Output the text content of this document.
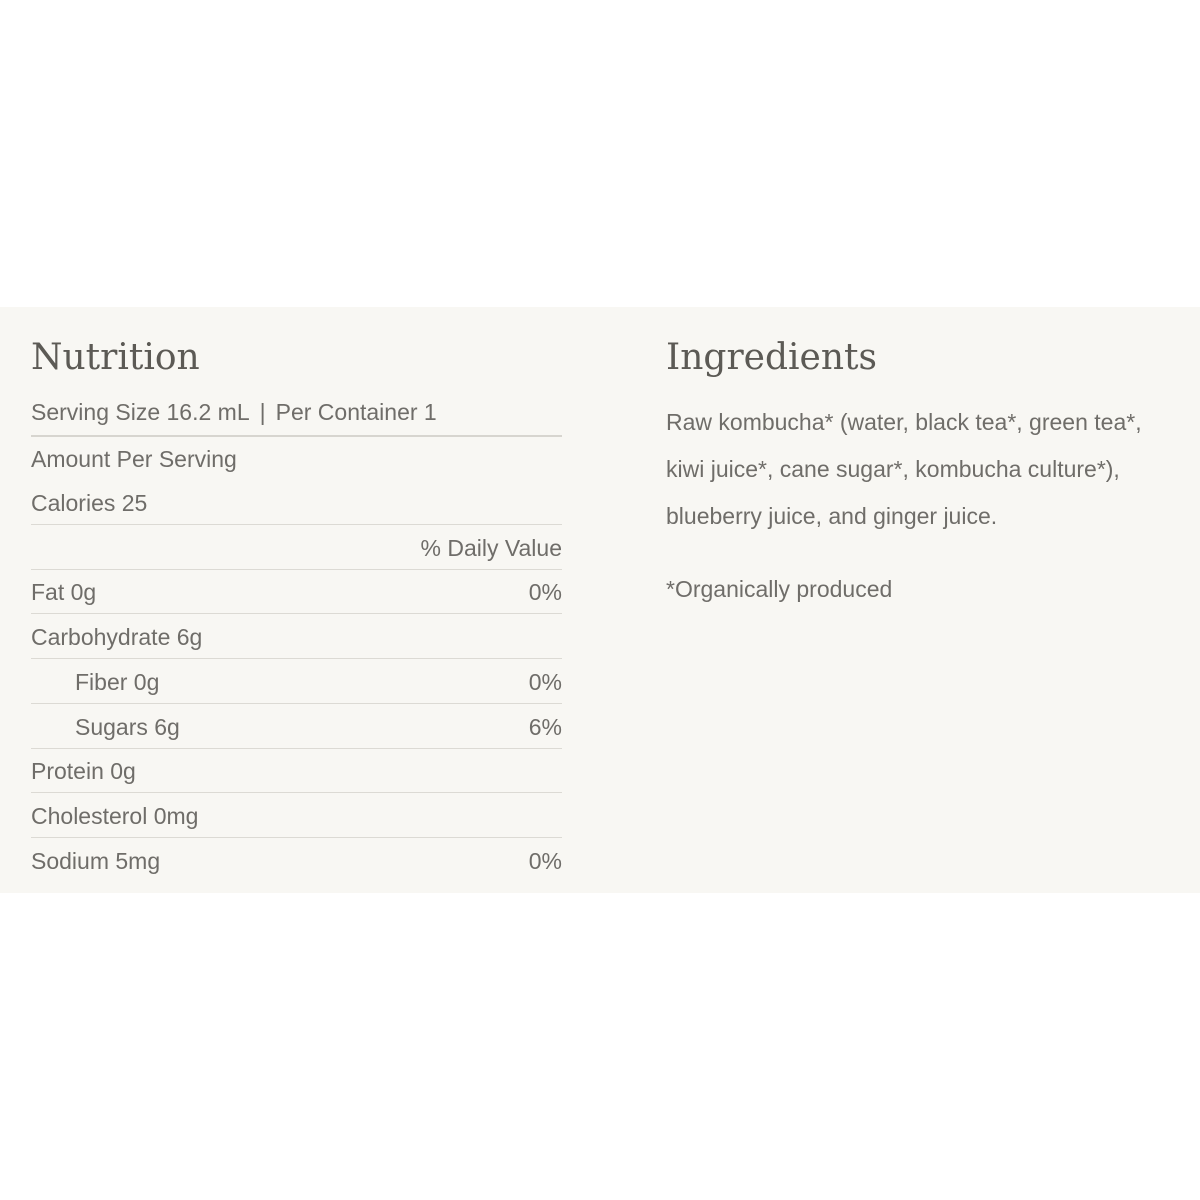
Nutrition
Serving Size 16.2 mL | Per Container 1
Amount Per Serving
Calories 25
% Daily Value
Fat 0g	0%
Carbohydrate 6g
Fiber 0g	0%
Sugars 6g	6%
Protein 0g
Cholesterol 0mg
Sodium 5mg	0%
Ingredients

Raw kombucha* (water, black tea*, green tea*,

kiwi juice*, cane sugar*, kombucha culture*),

blueberry juice, and ginger juice.

*Organically produced
